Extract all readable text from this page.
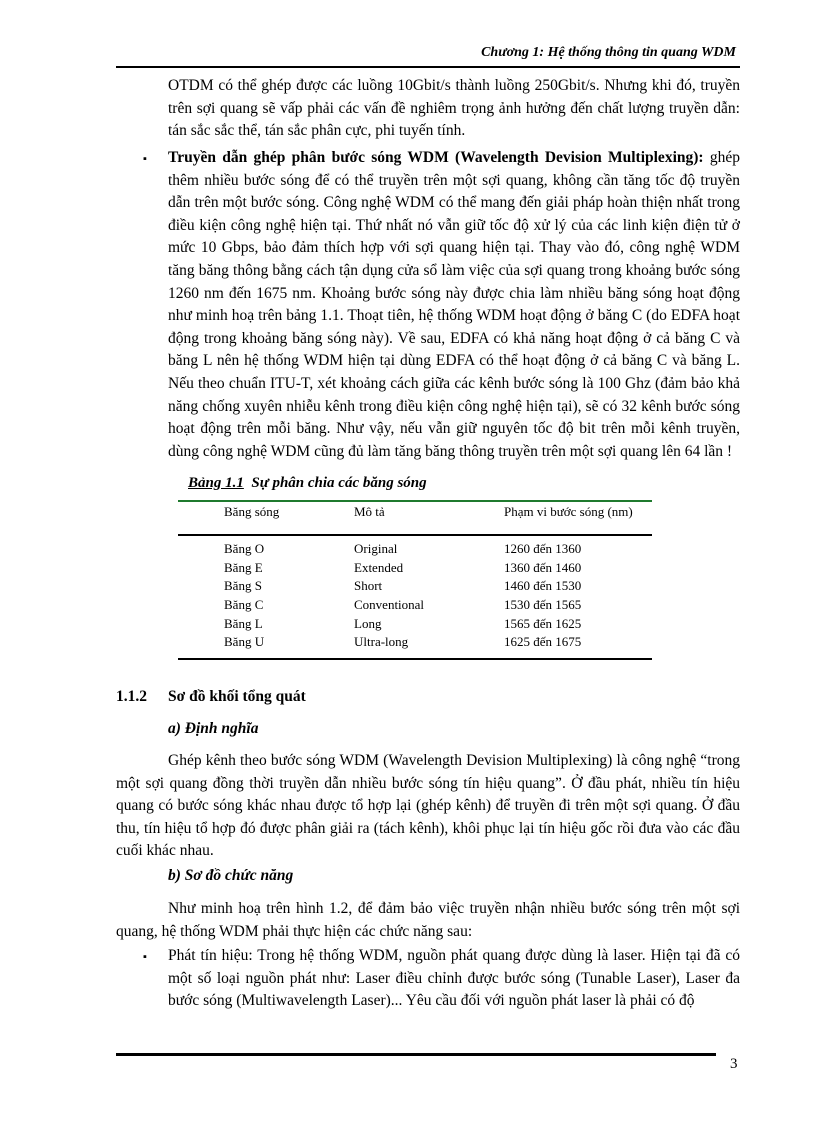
Chương 1: Hệ thống thông tin quang WDM
OTDM có thể ghép được các luồng 10Gbit/s thành luồng 250Gbit/s. Nhưng khi đó, truyền trên sợi quang sẽ vấp phải các vấn đề nghiêm trọng ảnh hưởng đến chất lượng truyền dẫn: tán sắc sắc thể, tán sắc phân cực, phi tuyến tính.
▪ Truyền dẫn ghép phân bước sóng WDM (Wavelength Devision Multiplexing): ghép thêm nhiều bước sóng để có thể truyền trên một sợi quang, không cần tăng tốc độ truyền dẫn trên một bước sóng. Công nghệ WDM có thể mang đến giải pháp hoàn thiện nhất trong điều kiện công nghệ hiện tại. Thứ nhất nó vẫn giữ tốc độ xử lý của các linh kiện điện tử ở mức 10 Gbps, bảo đảm thích hợp với sợi quang hiện tại. Thay vào đó, công nghệ WDM tăng băng thông bằng cách tận dụng cửa sổ làm việc của sợi quang trong khoảng bước sóng 1260 nm đến 1675 nm. Khoảng bước sóng này được chia làm nhiều băng sóng hoạt động như minh hoạ trên bảng 1.1. Thoạt tiên, hệ thống WDM hoạt động ở băng C (do EDFA hoạt động trong khoảng băng sóng này). Về sau, EDFA có khả năng hoạt động ở cả băng C và băng L nên hệ thống WDM hiện tại dùng EDFA có thể hoạt động ở cả băng C và băng L. Nếu theo chuẩn ITU-T, xét khoảng cách giữa các kênh bước sóng là 100 Ghz (đảm bảo khả năng chống xuyên nhiễu kênh trong điều kiện công nghệ hiện tại), sẽ có 32 kênh bước sóng hoạt động trên mỗi băng. Như vậy, nếu vẫn giữ nguyên tốc độ bit trên mỗi kênh truyền, dùng công nghệ WDM cũng đủ làm tăng băng thông truyền trên một sợi quang lên 64 lần !
Bảng 1.1  Sự phân chia các băng sóng
Băng sóng	Mô tả	Phạm vi bước sóng (nm)
Băng O	Original	1260 đến 1360
Băng E	Extended	1360 đến 1460
Băng S	Short	1460 đến 1530
Băng C	Conventional	1530 đến 1565
Băng L	Long	1565 đến 1625
Băng U	Ultra-long	1625 đến 1675
1.1.2 Sơ đồ khối tổng quát
a) Định nghĩa
Ghép kênh theo bước sóng WDM (Wavelength Devision Multiplexing) là công nghệ “trong một sợi quang đồng thời truyền dẫn nhiều bước sóng tín hiệu quang”. Ở đầu phát, nhiều tín hiệu quang có bước sóng khác nhau được tổ hợp lại (ghép kênh) để truyền đi trên một sợi quang. Ở đầu thu, tín hiệu tổ hợp đó được phân giải ra (tách kênh), khôi phục lại tín hiệu gốc rồi đưa vào các đầu cuối khác nhau.
b) Sơ đồ chức năng
Như minh hoạ trên hình 1.2, để đảm bảo việc truyền nhận nhiều bước sóng trên một sợi quang, hệ thống WDM phải thực hiện các chức năng sau:
▪ Phát tín hiệu: Trong hệ thống WDM, nguồn phát quang được dùng là laser. Hiện tại đã có một số loại nguồn phát như: Laser điều chỉnh được bước sóng (Tunable Laser), Laser đa bước sóng (Multiwavelength Laser)... Yêu cầu đối với nguồn phát laser là phải có độ
3
